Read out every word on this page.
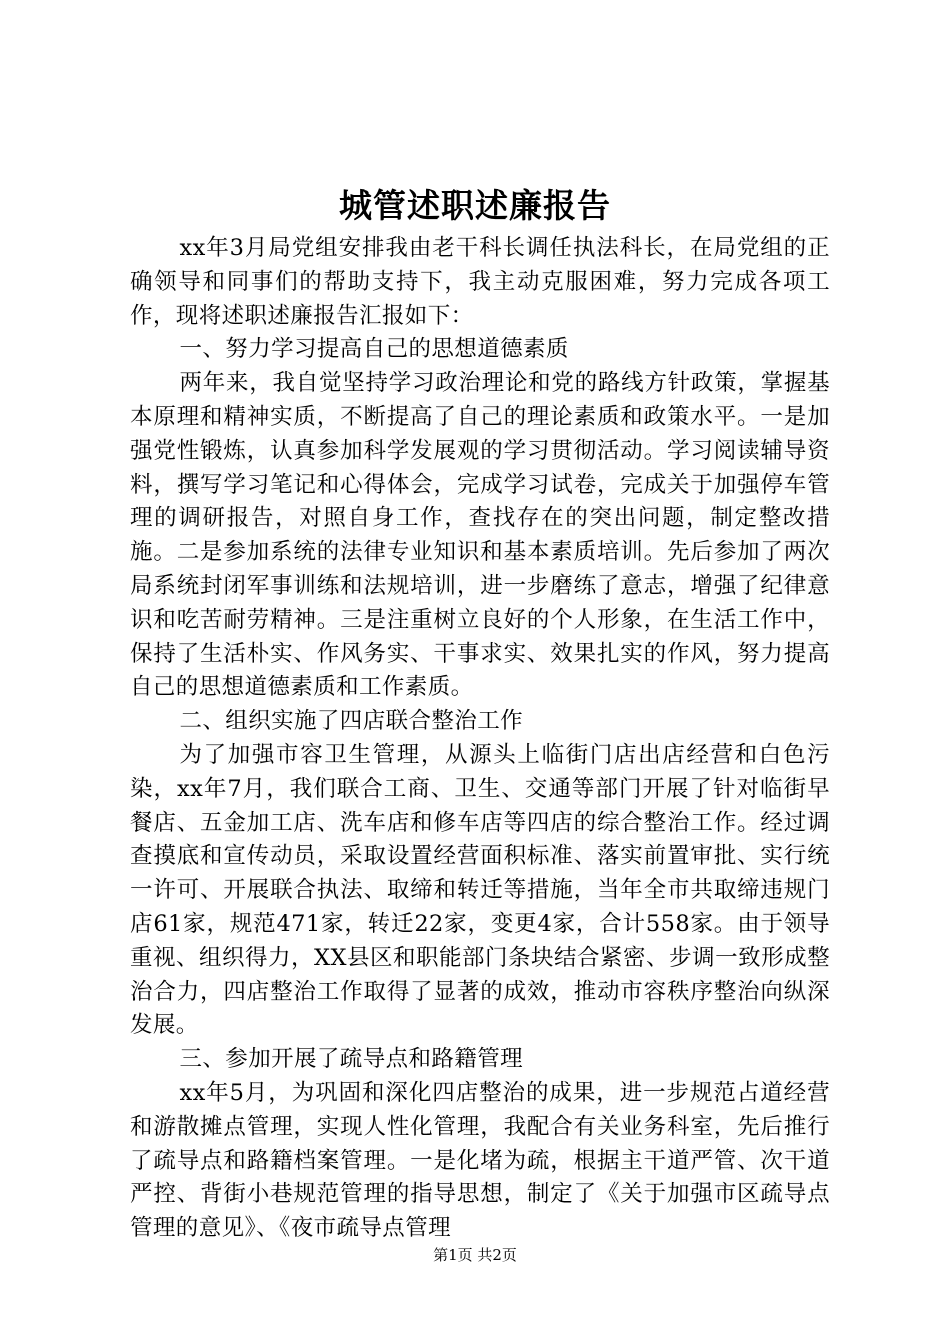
城管述职述廉报告

xx年3月局党组安排我由老干科长调任执法科长，在局党组的正确领导和同事们的帮助支持下，我主动克服困难，努力完成各项工作，现将述职述廉报告汇报如下：

一、努力学习提高自己的思想道德素质

两年来，我自觉坚持学习政治理论和党的路线方针政策，掌握基本原理和精神实质，不断提高了自己的理论素质和政策水平。一是加强党性锻炼，认真参加科学发展观的学习贯彻活动。学习阅读辅导资料，撰写学习笔记和心得体会，完成学习试卷，完成关于加强停车管理的调研报告，对照自身工作，查找存在的突出问题，制定整改措施。二是参加系统的法律专业知识和基本素质培训。先后参加了两次局系统封闭军事训练和法规培训，进一步磨练了意志，增强了纪律意识和吃苦耐劳精神。三是注重树立良好的个人形象，在生活工作中，保持了生活朴实、作风务实、干事求实、效果扎实的作风，努力提高自己的思想道德素质和工作素质。

二、组织实施了四店联合整治工作

为了加强市容卫生管理，从源头上临街门店出店经营和白色污染，xx年7月，我们联合工商、卫生、交通等部门开展了针对临街早餐店、五金加工店、洗车店和修车店等四店的综合整治工作。经过调查摸底和宣传动员，采取设置经营面积标准、落实前置审批、实行统一许可、开展联合执法、取缔和转迁等措施，当年全市共取缔违规门店61家，规范471家，转迁22家，变更4家，合计558家。由于领导重视、组织得力，XX县区和职能部门条块结合紧密、步调一致形成整治合力，四店整治工作取得了显著的成效，推动市容秩序整治向纵深发展。

三、参加开展了疏导点和路籍管理

xx年5月，为巩固和深化四店整治的成果，进一步规范占道经营和游散摊点管理，实现人性化管理，我配合有关业务科室，先后推行了疏导点和路籍档案管理。一是化堵为疏，根据主干道严管、次干道严控、背街小巷规范管理的指导思想，制定了《关于加强市区疏导点管理的意见》、《夜市疏导点管理

第1页 共2页
